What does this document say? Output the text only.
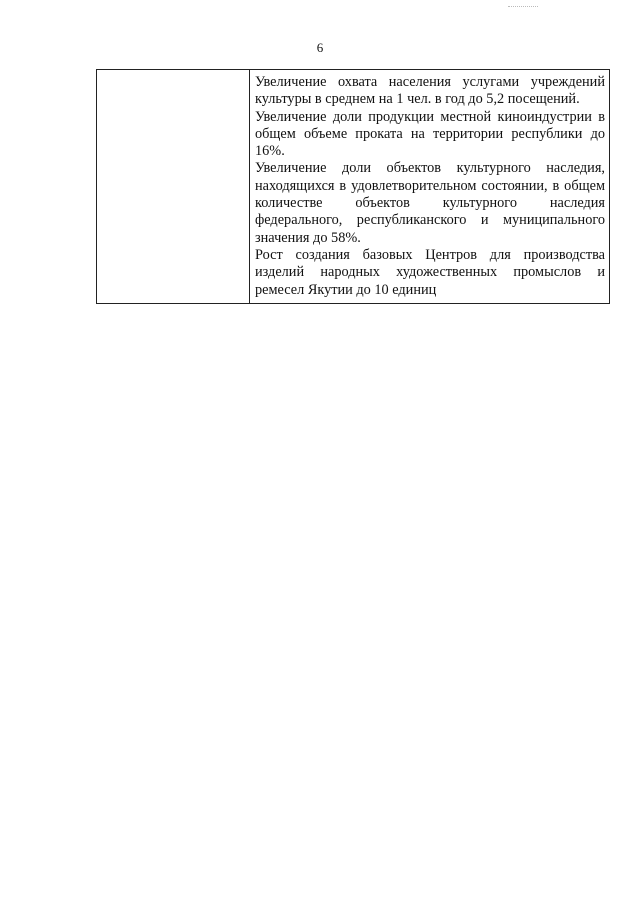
6

Увеличение охвата населения услугами учреждений культуры в среднем на 1 чел. в год до 5,2 посещений.

Увеличение доли продукции местной киноиндустрии в общем объеме проката на территории республики до 16%.

Увеличение доли объектов культурного наследия, находящихся в удовлетворительном состоянии, в общем количестве объектов культурного наследия федерального, республиканского и муниципального значения до 58%.

Рост создания базовых Центров для производства изделий народных художественных промыслов и ремесел Якутии до 10 единиц
